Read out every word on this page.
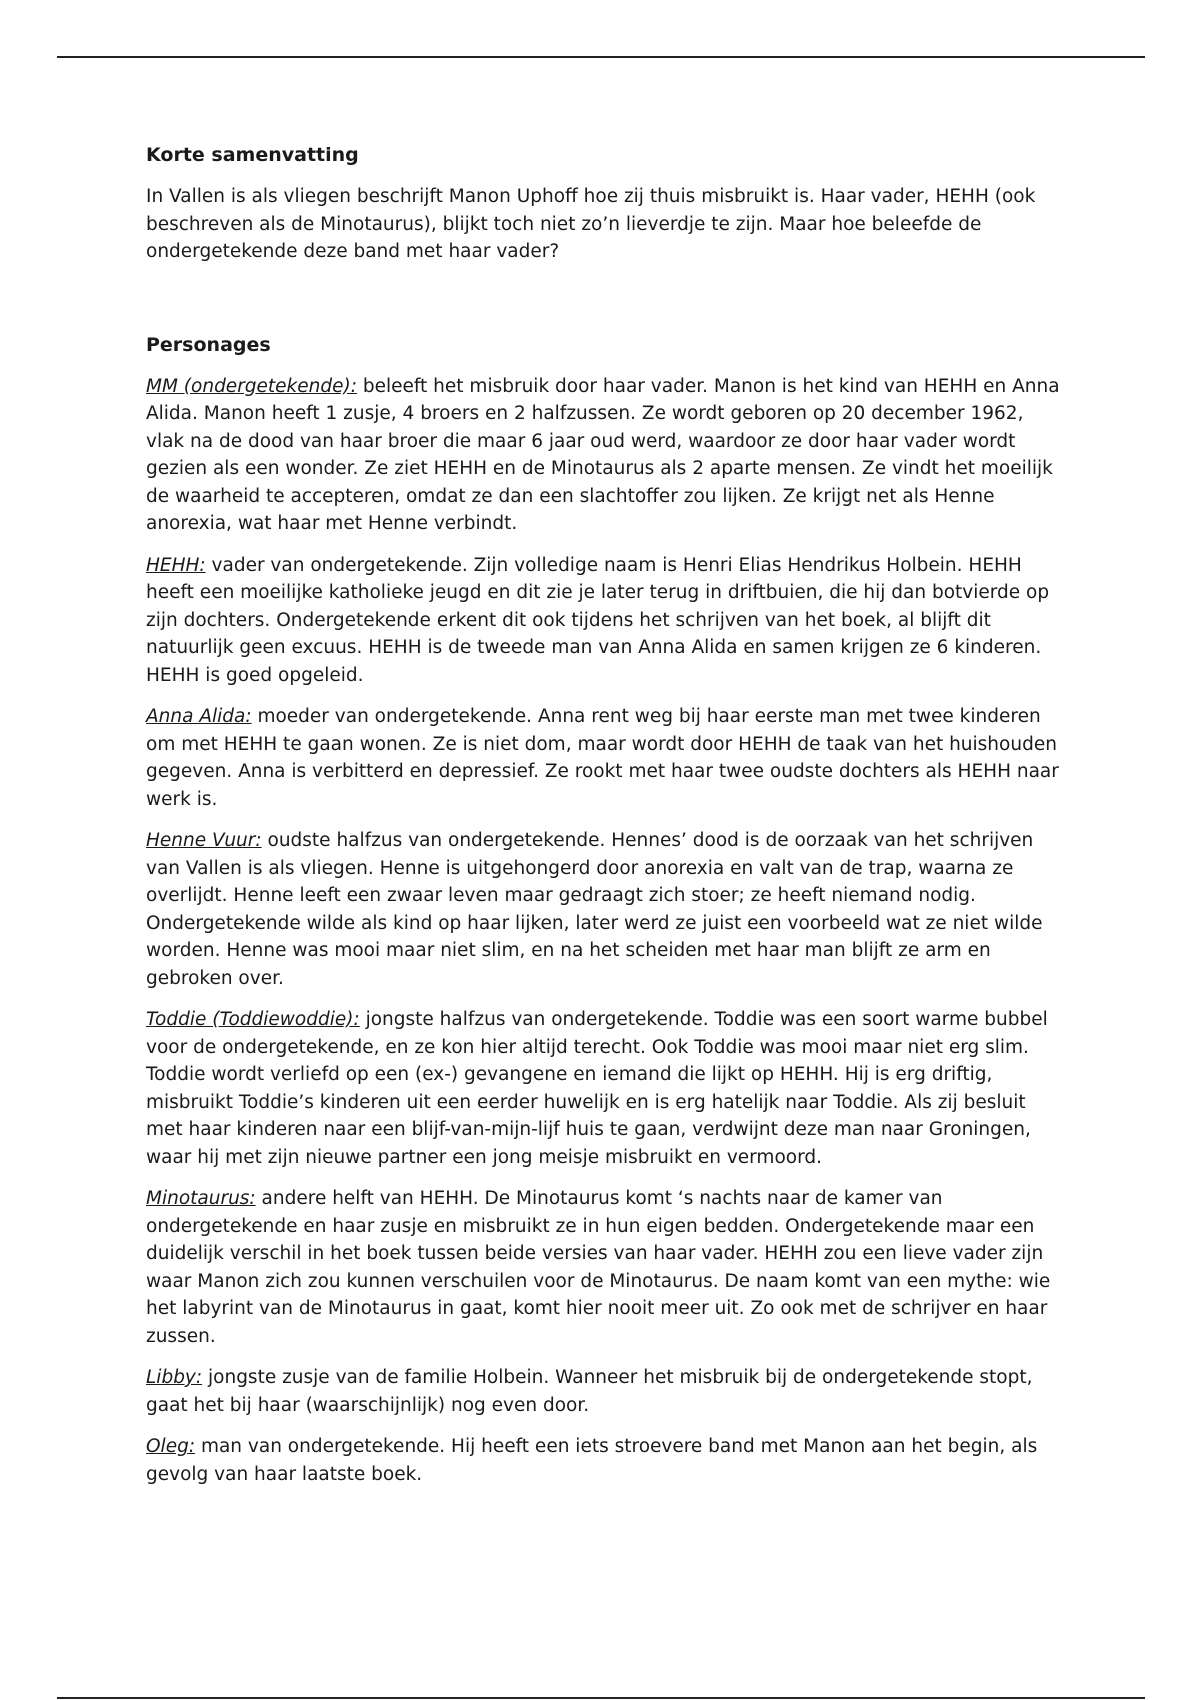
Korte samenvatting

In Vallen is als vliegen beschrijft Manon Uphoff hoe zij thuis misbruikt is. Haar vader, HEHH (ook beschreven als de Minotaurus), blijkt toch niet zo’n lieverdje te zijn. Maar hoe beleefde de ondergetekende deze band met haar vader?

Personages

MM (ondergetekende): beleeft het misbruik door haar vader. Manon is het kind van HEHH en Anna Alida. Manon heeft 1 zusje, 4 broers en 2 halfzussen. Ze wordt geboren op 20 december 1962, vlak na de dood van haar broer die maar 6 jaar oud werd, waardoor ze door haar vader wordt gezien als een wonder. Ze ziet HEHH en de Minotaurus als 2 aparte mensen. Ze vindt het moeilijk de waarheid te accepteren, omdat ze dan een slachtoffer zou lijken. Ze krijgt net als Henne anorexia, wat haar met Henne verbindt.

HEHH: vader van ondergetekende. Zijn volledige naam is Henri Elias Hendrikus Holbein. HEHH heeft een moeilijke katholieke jeugd en dit zie je later terug in driftbuien, die hij dan botvierde op zijn dochters. Ondergetekende erkent dit ook tijdens het schrijven van het boek, al blijft dit natuurlijk geen excuus. HEHH is de tweede man van Anna Alida en samen krijgen ze 6 kinderen. HEHH is goed opgeleid.

Anna Alida: moeder van ondergetekende. Anna rent weg bij haar eerste man met twee kinderen om met HEHH te gaan wonen. Ze is niet dom, maar wordt door HEHH de taak van het huishouden gegeven. Anna is verbitterd en depressief. Ze rookt met haar twee oudste dochters als HEHH naar werk is.

Henne Vuur: oudste halfzus van ondergetekende. Hennes’ dood is de oorzaak van het schrijven van Vallen is als vliegen. Henne is uitgehongerd door anorexia en valt van de trap, waarna ze overlijdt. Henne leeft een zwaar leven maar gedraagt zich stoer; ze heeft niemand nodig. Ondergetekende wilde als kind op haar lijken, later werd ze juist een voorbeeld wat ze niet wilde worden. Henne was mooi maar niet slim, en na het scheiden met haar man blijft ze arm en gebroken over.

Toddie (Toddiewoddie): jongste halfzus van ondergetekende. Toddie was een soort warme bubbel voor de ondergetekende, en ze kon hier altijd terecht. Ook Toddie was mooi maar niet erg slim. Toddie wordt verliefd op een (ex-) gevangene en iemand die lijkt op HEHH. Hij is erg driftig, misbruikt Toddie’s kinderen uit een eerder huwelijk en is erg hatelijk naar Toddie. Als zij besluit met haar kinderen naar een blijf-van-mijn-lijf huis te gaan, verdwijnt deze man naar Groningen, waar hij met zijn nieuwe partner een jong meisje misbruikt en vermoord.

Minotaurus: andere helft van HEHH. De Minotaurus komt ‘s nachts naar de kamer van ondergetekende en haar zusje en misbruikt ze in hun eigen bedden. Ondergetekende maar een duidelijk verschil in het boek tussen beide versies van haar vader. HEHH zou een lieve vader zijn waar Manon zich zou kunnen verschuilen voor de Minotaurus. De naam komt van een mythe: wie het labyrint van de Minotaurus in gaat, komt hier nooit meer uit. Zo ook met de schrijver en haar zussen.

Libby: jongste zusje van de familie Holbein. Wanneer het misbruik bij de ondergetekende stopt, gaat het bij haar (waarschijnlijk) nog even door.

Oleg: man van ondergetekende. Hij heeft een iets stroevere band met Manon aan het begin, als gevolg van haar laatste boek.
